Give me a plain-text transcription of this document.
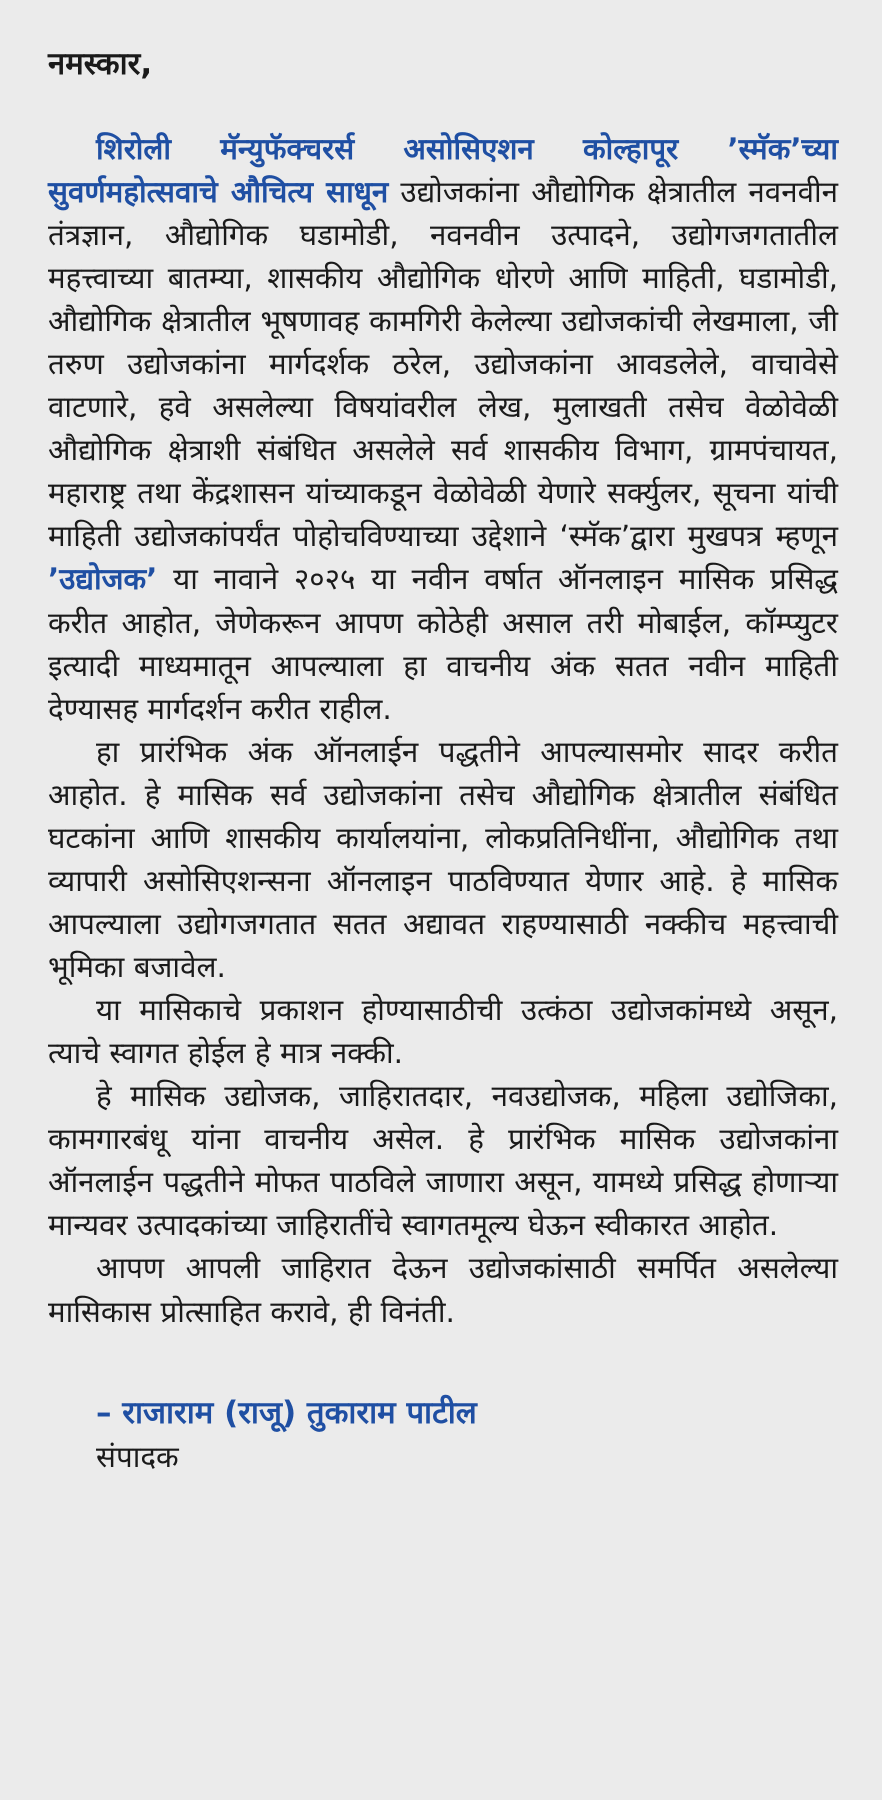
नमस्कार,

शिरोली मॅन्युफॅक्चरर्स असोसिएशन कोल्हापूर ’स्मॅक’च्या सुवर्णमहोत्सवाचे औचित्य साधून उद्योजकांना औद्योगिक क्षेत्रातील नवनवीन तंत्रज्ञान, औद्योगिक घडामोडी, नवनवीन उत्पादने, उद्योगजगतातील महत्त्वाच्या बातम्या, शासकीय औद्योगिक धोरणे आणि माहिती, घडामोडी, औद्योगिक क्षेत्रातील भूषणावह कामगिरी केलेल्या उद्योजकांची लेखमाला, जी तरुण उद्योजकांना मार्गदर्शक ठरेल, उद्योजकांना आवडलेले, वाचावेसे वाटणारे, हवे असलेल्या विषयांवरील लेख, मुलाखती तसेच वेळोवेळी औद्योगिक क्षेत्राशी संबंधित असलेले सर्व शासकीय विभाग, ग्रामपंचायत, महाराष्ट्र तथा केंद्रशासन यांच्याकडून वेळोवेळी येणारे सर्क्युलर, सूचना यांची माहिती उद्योजकांपर्यंत पोहोचविण्याच्या उद्देशाने ‘स्मॅक’द्वारा मुखपत्र म्हणून ’उद्योजक’ या नावाने २०२५ या नवीन वर्षात ऑनलाइन मासिक प्रसिद्ध करीत आहोत, जेणेकरून आपण कोठेही असाल तरी मोबाईल, कॉम्प्युटर इत्यादी माध्यमातून आपल्याला हा वाचनीय अंक सतत नवीन माहिती देण्यासह मार्गदर्शन करीत राहील.

हा प्रारंभिक अंक ऑनलाईन पद्धतीने आपल्यासमोर सादर करीत आहोत. हे मासिक सर्व उद्योजकांना तसेच औद्योगिक क्षेत्रातील संबंधित घटकांना आणि शासकीय कार्यालयांना, लोकप्रतिनिधींना, औद्योगिक तथा व्यापारी असोसिएशन्सना ऑनलाइन पाठविण्यात येणार आहे. हे मासिक आपल्याला उद्योगजगतात सतत अद्यावत राहण्यासाठी नक्कीच महत्त्वाची भूमिका बजावेल.

या मासिकाचे प्रकाशन होण्यासाठीची उत्कंठा उद्योजकांमध्ये असून, त्याचे स्वागत होईल हे मात्र नक्की.

हे मासिक उद्योजक, जाहिरातदार, नवउद्योजक, महिला उद्योजिका, कामगारबंधू यांना वाचनीय असेल. हे प्रारंभिक मासिक उद्योजकांना ऑनलाईन पद्धतीने मोफत पाठविले जाणारा असून, यामध्ये प्रसिद्ध होणाऱ्या मान्यवर उत्पादकांच्या जाहिरातींचे स्वागतमूल्य घेऊन स्वीकारत आहोत.

आपण आपली जाहिरात देऊन उद्योजकांसाठी समर्पित असलेल्या मासिकास प्रोत्साहित करावे, ही विनंती.

– राजाराम (राजू) तुकाराम पाटील
संपादक
